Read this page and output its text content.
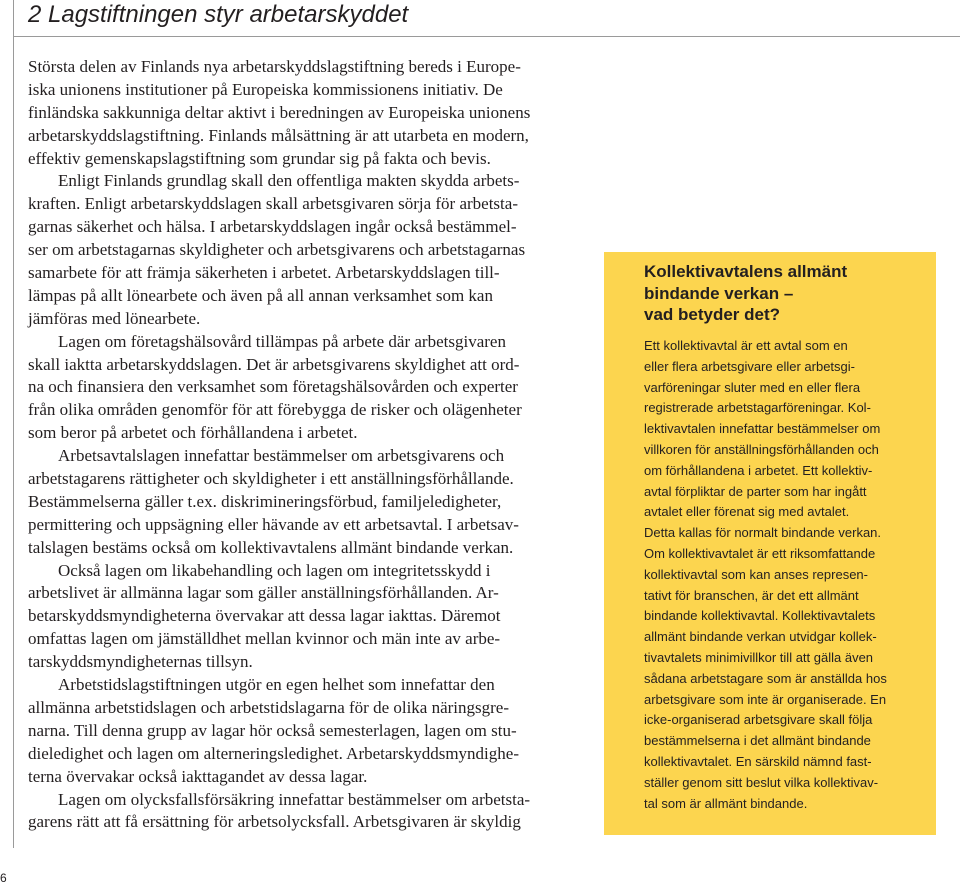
2 Lagstiftningen styr arbetarskyddet
Största delen av Finlands nya arbetarskyddslagstiftning bereds i Europe-
iska unionens institutioner på Europeiska kommissionens initiativ. De
finländska sakkunniga deltar aktivt i beredningen av Europeiska unionens
arbetarskyddslagstiftning. Finlands målsättning är att utarbeta en modern,
effektiv gemenskapslagstiftning som grundar sig på fakta och bevis.
Enligt Finlands grundlag skall den offentliga makten skydda arbets-
kraften. Enligt arbetarskyddslagen skall arbetsgivaren sörja för arbetsta-
garnas säkerhet och hälsa. I arbetarskyddslagen ingår också bestämmel-
ser om arbetstagarnas skyldigheter och arbetsgivarens och arbetstagarnas
samarbete för att främja säkerheten i arbetet. Arbetarskyddslagen till-
lämpas på allt lönearbete och även på all annan verksamhet som kan
jämföras med lönearbete.
Lagen om företagshälsovård tillämpas på arbete där arbetsgivaren
skall iaktta arbetarskyddslagen. Det är arbetsgivarens skyldighet att ord-
na och finansiera den verksamhet som företagshälsovården och experter
från olika områden genomför för att förebygga de risker och olägenheter
som beror på arbetet och förhållandena i arbetet.
Arbetsavtalslagen innefattar bestämmelser om arbetsgivarens och
arbetstagarens rättigheter och skyldigheter i ett anställningsförhållande.
Bestämmelserna gäller t.ex. diskrimineringsförbud, familjeledigheter,
permittering och uppsägning eller hävande av ett arbetsavtal. I arbetsav-
talslagen bestäms också om kollektivavtalens allmänt bindande verkan.
Också lagen om likabehandling och lagen om integritetsskydd i
arbetslivet är allmänna lagar som gäller anställningsförhållanden. Ar-
betarskyddsmyndigheterna övervakar att dessa lagar iakttas. Däremot
omfattas lagen om jämställdhet mellan kvinnor och män inte av arbe-
tarskyddsmyndigheternas tillsyn.
Arbetstidslagstiftningen utgör en egen helhet som innefattar den
allmänna arbetstidslagen och arbetstidslagarna för de olika näringsgre-
narna. Till denna grupp av lagar hör också semesterlagen, lagen om stu-
dieledighet och lagen om alterneringsledighet. Arbetarskyddsmyndighe-
terna övervakar också iakttagandet av dessa lagar.
Lagen om olycksfallsförsäkring innefattar bestämmelser om arbetsta-
garens rätt att få ersättning för arbetsolycksfall. Arbetsgivaren är skyldig
Kollektivavtalens allmänt
bindande verkan –
vad betyder det?
Ett kollektivavtal är ett avtal som en
eller flera arbetsgivare eller arbetsgi-
varföreningar sluter med en eller flera
registrerade arbetstagarföreningar. Kol-
lektivavtalen innefattar bestämmelser om
villkoren för anställningsförhållanden och
om förhållandena i arbetet. Ett kollektiv-
avtal förpliktar de parter som har ingått
avtalet eller förenat sig med avtalet.
Detta kallas för normalt bindande verkan.
Om kollektivavtalet är ett riksomfattande
kollektivavtal som kan anses represen-
tativt för branschen, är det ett allmänt
bindande kollektivavtal. Kollektivavtalets
allmänt bindande verkan utvidgar kollek-
tivavtalets minimivillkor till att gälla även
sådana arbetstagare som är anställda hos
arbetsgivare som inte är organiserade. En
icke-organiserad arbetsgivare skall följa
bestämmelserna i det allmänt bindande
kollektivavtalet. En särskild nämnd fast-
ställer genom sitt beslut vilka kollektivav-
tal som är allmänt bindande.
6
